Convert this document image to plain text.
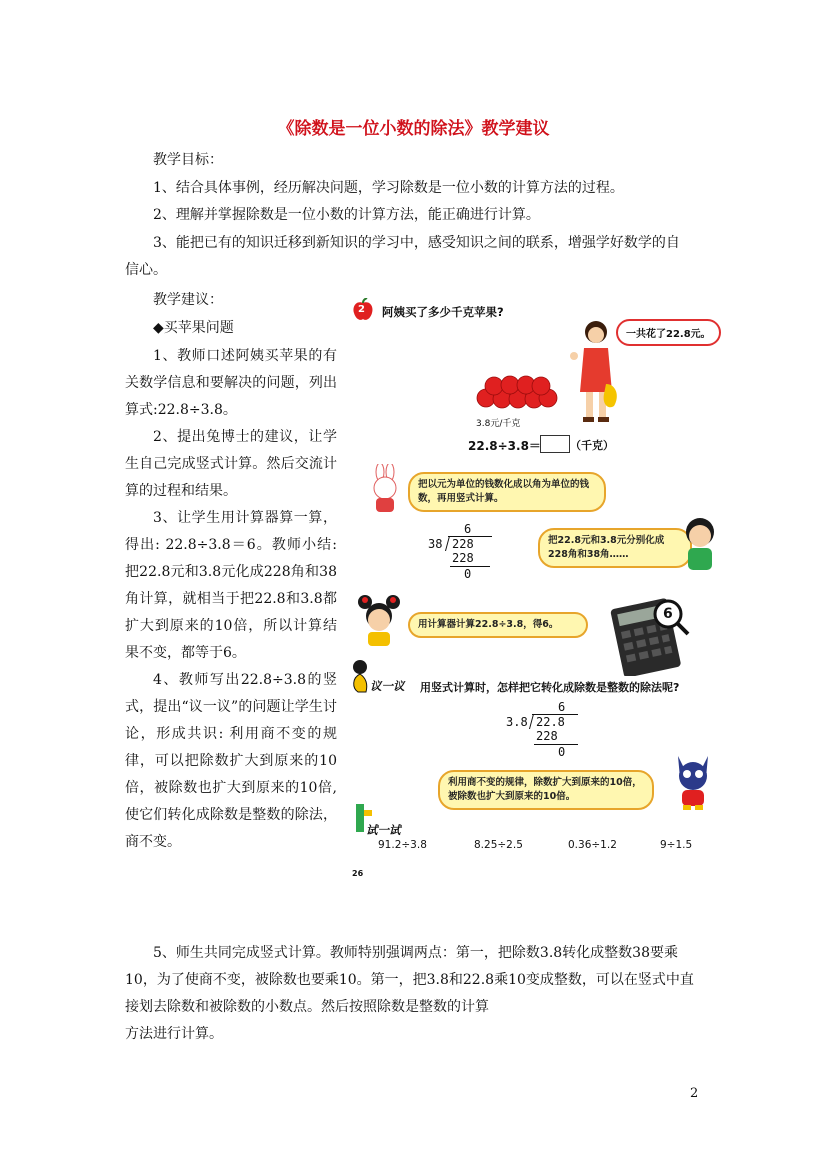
《除数是一位小数的除法》教学建议
教学目标：
1、结合具体事例，经历解决问题，学习除数是一位小数的计算方法的过程。
2、理解并掌握除数是一位小数的计算方法，能正确进行计算。
3、能把已有的知识迁移到新知识的学习中，感受知识之间的联系，增强学好数学的自
信心。
教学建议：
◆买苹果问题

1、教师口述阿姨买苹果的有关数学信息和要解决的问题，列出算式:22.8÷3.8。

2、提出兔博士的建议，让学生自己完成竖式计算。然后交流计算的过程和结果。

3、让学生用计算器算一算，得出: 22.8÷3.8＝6。教师小结:把22.8元和3.8元化成228角和38角计算，就相当于把22.8和3.8都扩大到原来的10倍，所以计算结果不变，都等于6。

4、教师写出22.8÷3.8的竖式，提出“议一议”的问题让学生讨论，形成共识: 利用商不变的规律，可以把除数扩大到原来的10倍，被除数也扩大到原来的10倍,使它们转化成除数是整数的除法，商不变。

5、师生共同完成竖式计算。教师特别强调两点：第一，把除数3.8转化成整数38要乘

10，为了使商不变，被除数也要乘10。第一，把3.8和22.8乘10变成整数，可以在竖式中直

接划去除数和被除数的小数点。然后按照除数是整数的计算

方法进行计算。

2
2 阿姨买了多少千克苹果?
一共花了22.8元。
3.8元/千克
22.8÷3.8＝	（千克）
把以元为单位的钱数化成以角为单位的钱数，再用竖式计算。
6
38 228
228
0
把22.8元和3.8元分别化成228角和38角……
用计算器计算22.8÷3.8，得6。
6
议一议 用竖式计算时，怎样把它转化成除数是整数的除法呢?
6
3.8 22.8
228
0
利用商不变的规律，除数扩大到原来的10倍，被除数也扩大到原来的10倍。
试一试
91.2÷3.8	8.25÷2.5	0.36÷1.2	9÷1.5
26
